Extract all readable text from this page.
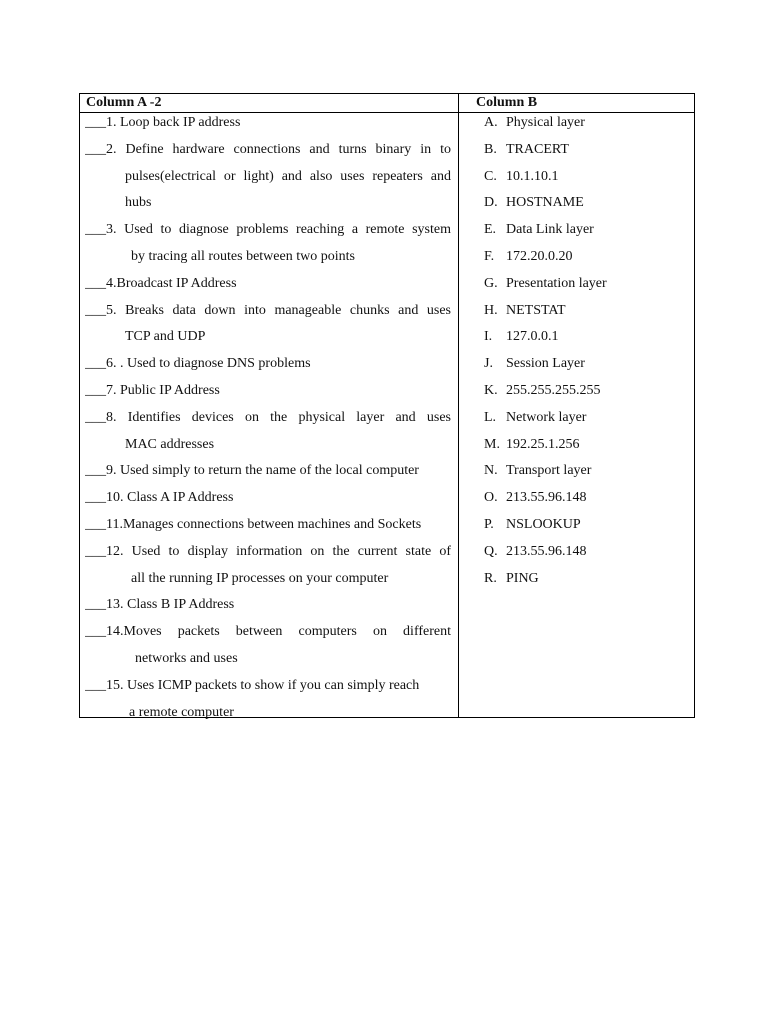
Column A -2	Column B
___1. Loop back IP address
___2. Define hardware connections and turns binary in to
pulses(electrical or light) and also uses repeaters and
hubs
___3. Used to diagnose problems reaching a remote system
by tracing all routes between two points
___4.Broadcast IP Address
___5. Breaks data down into manageable chunks and uses
TCP and UDP
___6. . Used to diagnose DNS problems
___7. Public IP Address
___8. Identifies devices on the physical layer and uses
MAC addresses
___9. Used simply to return the name of the local computer
___10. Class A IP Address
___11.Manages connections between machines and Sockets
___12. Used to display information on the current state of
all the running IP processes on your computer
___13. Class B IP Address
___14.Moves packets between computers on different
networks and uses
___15. Uses ICMP packets to show if you can simply reach
a remote computer
A. Physical layer
B. TRACERT
C. 10.1.10.1
D. HOSTNAME
E. Data Link layer
F. 172.20.0.20
G. Presentation layer
H. NETSTAT
I. 127.0.0.1
J. Session Layer
K. 255.255.255.255
L. Network layer
M. 192.25.1.256
N. Transport layer
O. 213.55.96.148
P. NSLOOKUP
Q. 213.55.96.148
R. PING
